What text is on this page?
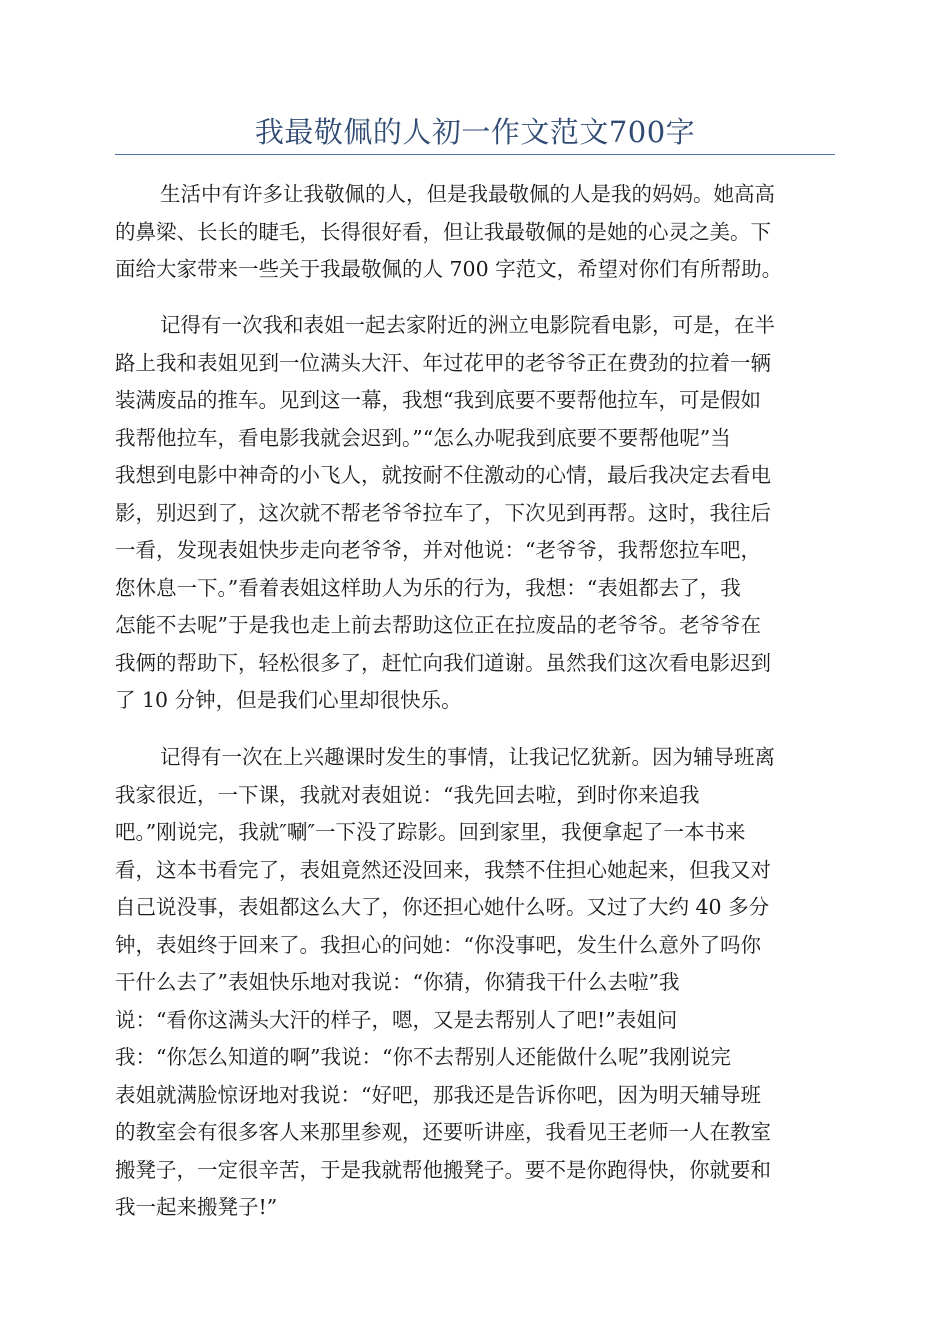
我最敬佩的人初一作文范文700字
生活中有许多让我敬佩的人，但是我最敬佩的人是我的妈妈。她高高
的鼻梁、长长的睫毛，长得很好看，但让我最敬佩的是她的心灵之美。下
面给大家带来一些关于我最敬佩的人 700 字范文，希望对你们有所帮助。
记得有一次我和表姐一起去家附近的洲立电影院看电影，可是，在半
路上我和表姐见到一位满头大汗、年过花甲的老爷爷正在费劲的拉着一辆
装满废品的推车。见到这一幕，我想“我到底要不要帮他拉车，可是假如
我帮他拉车，看电影我就会迟到。”“怎么办呢我到底要不要帮他呢”当
我想到电影中神奇的小飞人，就按耐不住激动的心情，最后我决定去看电
影，别迟到了，这次就不帮老爷爷拉车了，下次见到再帮。这时，我往后
一看，发现表姐快步走向老爷爷，并对他说：“老爷爷，我帮您拉车吧，
您休息一下。”看着表姐这样助人为乐的行为，我想：“表姐都去了，我
怎能不去呢”于是我也走上前去帮助这位正在拉废品的老爷爷。老爷爷在
我俩的帮助下，轻松很多了，赶忙向我们道谢。虽然我们这次看电影迟到
了 10 分钟，但是我们心里却很快乐。
记得有一次在上兴趣课时发生的事情，让我记忆犹新。因为辅导班离
我家很近，一下课，我就对表姐说：“我先回去啦，到时你来追我
吧。”刚说完，我就″唰″一下没了踪影。回到家里，我便拿起了一本书来
看，这本书看完了，表姐竟然还没回来，我禁不住担心她起来，但我又对
自己说没事，表姐都这么大了，你还担心她什么呀。又过了大约 40 多分
钟，表姐终于回来了。我担心的问她：“你没事吧，发生什么意外了吗你
干什么去了”表姐快乐地对我说：“你猜，你猜我干什么去啦”我
说：“看你这满头大汗的样子，嗯，又是去帮别人了吧!”表姐问
我：“你怎么知道的啊”我说：“你不去帮别人还能做什么呢”我刚说完
表姐就满脸惊讶地对我说：“好吧，那我还是告诉你吧，因为明天辅导班
的教室会有很多客人来那里参观，还要听讲座，我看见王老师一人在教室
搬凳子，一定很辛苦，于是我就帮他搬凳子。要不是你跑得快，你就要和
我一起来搬凳子!”
